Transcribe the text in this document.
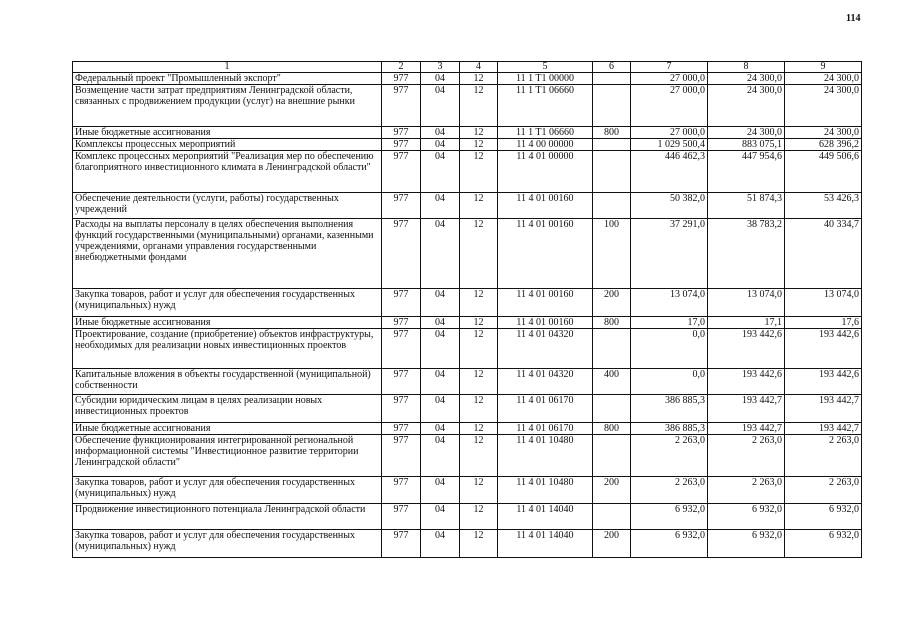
114
1	2	3	4	5	6	7	8	9
Федеральный проект "Промышленный экспорт"	977	04	12	11 1 T1 00000		27 000,0	24 300,0	24 300,0
Возмещение части затрат предприятиям Ленинградской области, связанных с продвижением продукции (услуг) на внешние рынки	977	04	12	11 1 T1 06660		27 000,0	24 300,0	24 300,0
Иные бюджетные ассигнования	977	04	12	11 1 T1 06660	800	27 000,0	24 300,0	24 300,0
Комплексы процессных мероприятий	977	04	12	11 4 00 00000		1 029 500,4	883 075,1	628 396,2
Комплекс процессных мероприятий "Реализация мер по обеспечению благоприятного инвестиционного климата в Ленинградской области"	977	04	12	11 4 01 00000		446 462,3	447 954,6	449 506,6
Обеспечение деятельности (услуги, работы) государственных учреждений	977	04	12	11 4 01 00160		50 382,0	51 874,3	53 426,3
Расходы на выплаты персоналу в целях обеспечения выполнения функций государственными (муниципальными) органами, казенными учреждениями, органами управления государственными внебюджетными фондами	977	04	12	11 4 01 00160	100	37 291,0	38 783,2	40 334,7
Закупка товаров, работ и услуг для обеспечения государственных (муниципальных) нужд	977	04	12	11 4 01 00160	200	13 074,0	13 074,0	13 074,0
Иные бюджетные ассигнования	977	04	12	11 4 01 00160	800	17,0	17,1	17,6
Проектирование, создание (приобретение) объектов инфраструктуры, необходимых для реализации новых инвестиционных проектов	977	04	12	11 4 01 04320		0,0	193 442,6	193 442,6
Капитальные вложения в объекты государственной (муниципальной) собственности	977	04	12	11 4 01 04320	400	0,0	193 442,6	193 442,6
Субсидии юридическим лицам в целях реализации новых инвестиционных проектов	977	04	12	11 4 01 06170		386 885,3	193 442,7	193 442,7
Иные бюджетные ассигнования	977	04	12	11 4 01 06170	800	386 885,3	193 442,7	193 442,7
Обеспечение функционирования интегрированной региональной информационной системы "Инвестиционное развитие территории Ленинградской области"	977	04	12	11 4 01 10480		2 263,0	2 263,0	2 263,0
Закупка товаров, работ и услуг для обеспечения государственных (муниципальных) нужд	977	04	12	11 4 01 10480	200	2 263,0	2 263,0	2 263,0
Продвижение инвестиционного потенциала Ленинградской области	977	04	12	11 4 01 14040		6 932,0	6 932,0	6 932,0
Закупка товаров, работ и услуг для обеспечения государственных (муниципальных) нужд	977	04	12	11 4 01 14040	200	6 932,0	6 932,0	6 932,0
